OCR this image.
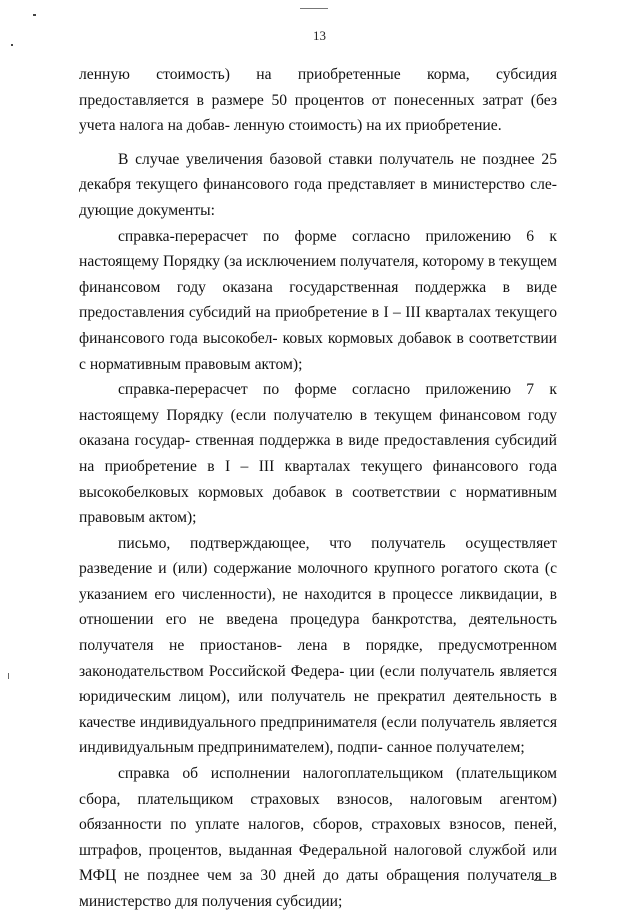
13
ленную стоимость) на приобретенные корма, субсидия предоставляется в размере 50 процентов от понесенных затрат (без учета налога на добав- ленную стоимость) на их приобретение.
В случае увеличения базовой ставки получатель не позднее 25 декабря текущего финансового года представляет в министерство сле- дующие документы:
справка-перерасчет по форме согласно приложению 6 к настоящему Порядку (за исключением получателя, которому в текущем финансовом году оказана государственная поддержка в виде предоставления субсидий на приобретение в I – III кварталах текущего финансового года высокобел- ковых кормовых добавок в соответствии с нормативным правовым актом);
справка-перерасчет по форме согласно приложению 7 к настоящему Порядку (если получателю в текущем финансовом году оказана государ- ственная поддержка в виде предоставления субсидий на приобретение в I – III кварталах текущего финансового года высокобелковых кормовых добавок в соответствии с нормативным правовым актом);
письмо, подтверждающее, что получатель осуществляет разведение и (или) содержание молочного крупного рогатого скота (с указанием его численности), не находится в процессе ликвидации, в отношении его не введена процедура банкротства, деятельность получателя не приостанов- лена в порядке, предусмотренном законодательством Российской Федера- ции (если получатель является юридическим лицом), или получатель не прекратил деятельность в качестве индивидуального предпринимателя (если получатель является индивидуальным предпринимателем), подпи- санное получателем;
справка об исполнении налогоплательщиком (плательщиком сбора, плательщиком страховых взносов, налоговым агентом) обязанности по уплате налогов, сборов, страховых взносов, пеней, штрафов, процентов, выданная Федеральной налоговой службой или МФЦ не позднее чем за 30 дней до даты обращения получателя в министерство для получения субсидии;
